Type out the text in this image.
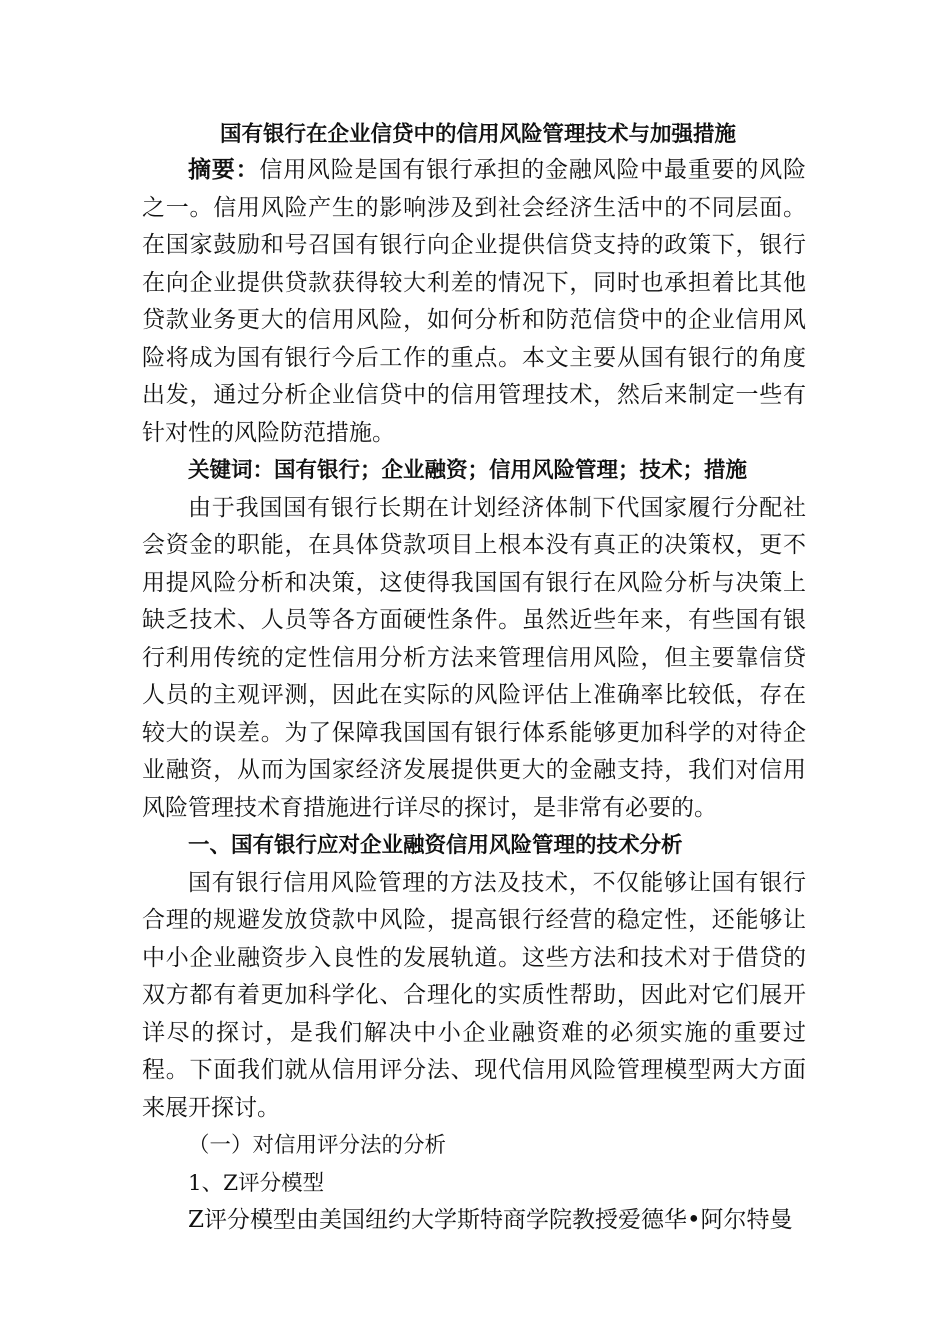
国有银行在企业信贷中的信用风险管理技术与加强措施

摘要：信用风险是国有银行承担的金融风险中最重要的风险之一。信用风险产生的影响涉及到社会经济生活中的不同层面。在国家鼓励和号召国有银行向企业提供信贷支持的政策下，银行在向企业提供贷款获得较大利差的情况下，同时也承担着比其他贷款业务更大的信用风险，如何分析和防范信贷中的企业信用风险将成为国有银行今后工作的重点。本文主要从国有银行的角度出发，通过分析企业信贷中的信用管理技术，然后来制定一些有针对性的风险防范措施。

关键词：国有银行；企业融资；信用风险管理；技术；措施

由于我国国有银行长期在计划经济体制下代国家履行分配社会资金的职能，在具体贷款项目上根本没有真正的决策权，更不用提风险分析和决策，这使得我国国有银行在风险分析与决策上缺乏技术、人员等各方面硬性条件。虽然近些年来，有些国有银行利用传统的定性信用分析方法来管理信用风险，但主要靠信贷人员的主观评测，因此在实际的风险评估上准确率比较低，存在较大的误差。为了保障我国国有银行体系能够更加科学的对待企业融资，从而为国家经济发展提供更大的金融支持，我们对信用风险管理技术育措施进行详尽的探讨，是非常有必要的。

一、国有银行应对企业融资信用风险管理的技术分析

国有银行信用风险管理的方法及技术，不仅能够让国有银行合理的规避发放贷款中风险，提高银行经营的稳定性，还能够让中小企业融资步入良性的发展轨道。这些方法和技术对于借贷的双方都有着更加科学化、合理化的实质性帮助，因此对它们展开详尽的探讨，是我们解决中小企业融资难的必须实施的重要过程。下面我们就从信用评分法、现代信用风险管理模型两大方面来展开探讨。

（一）对信用评分法的分析

1、Z评分模型

Z评分模型由美国纽约大学斯特商学院教授爱德华•阿尔特曼
